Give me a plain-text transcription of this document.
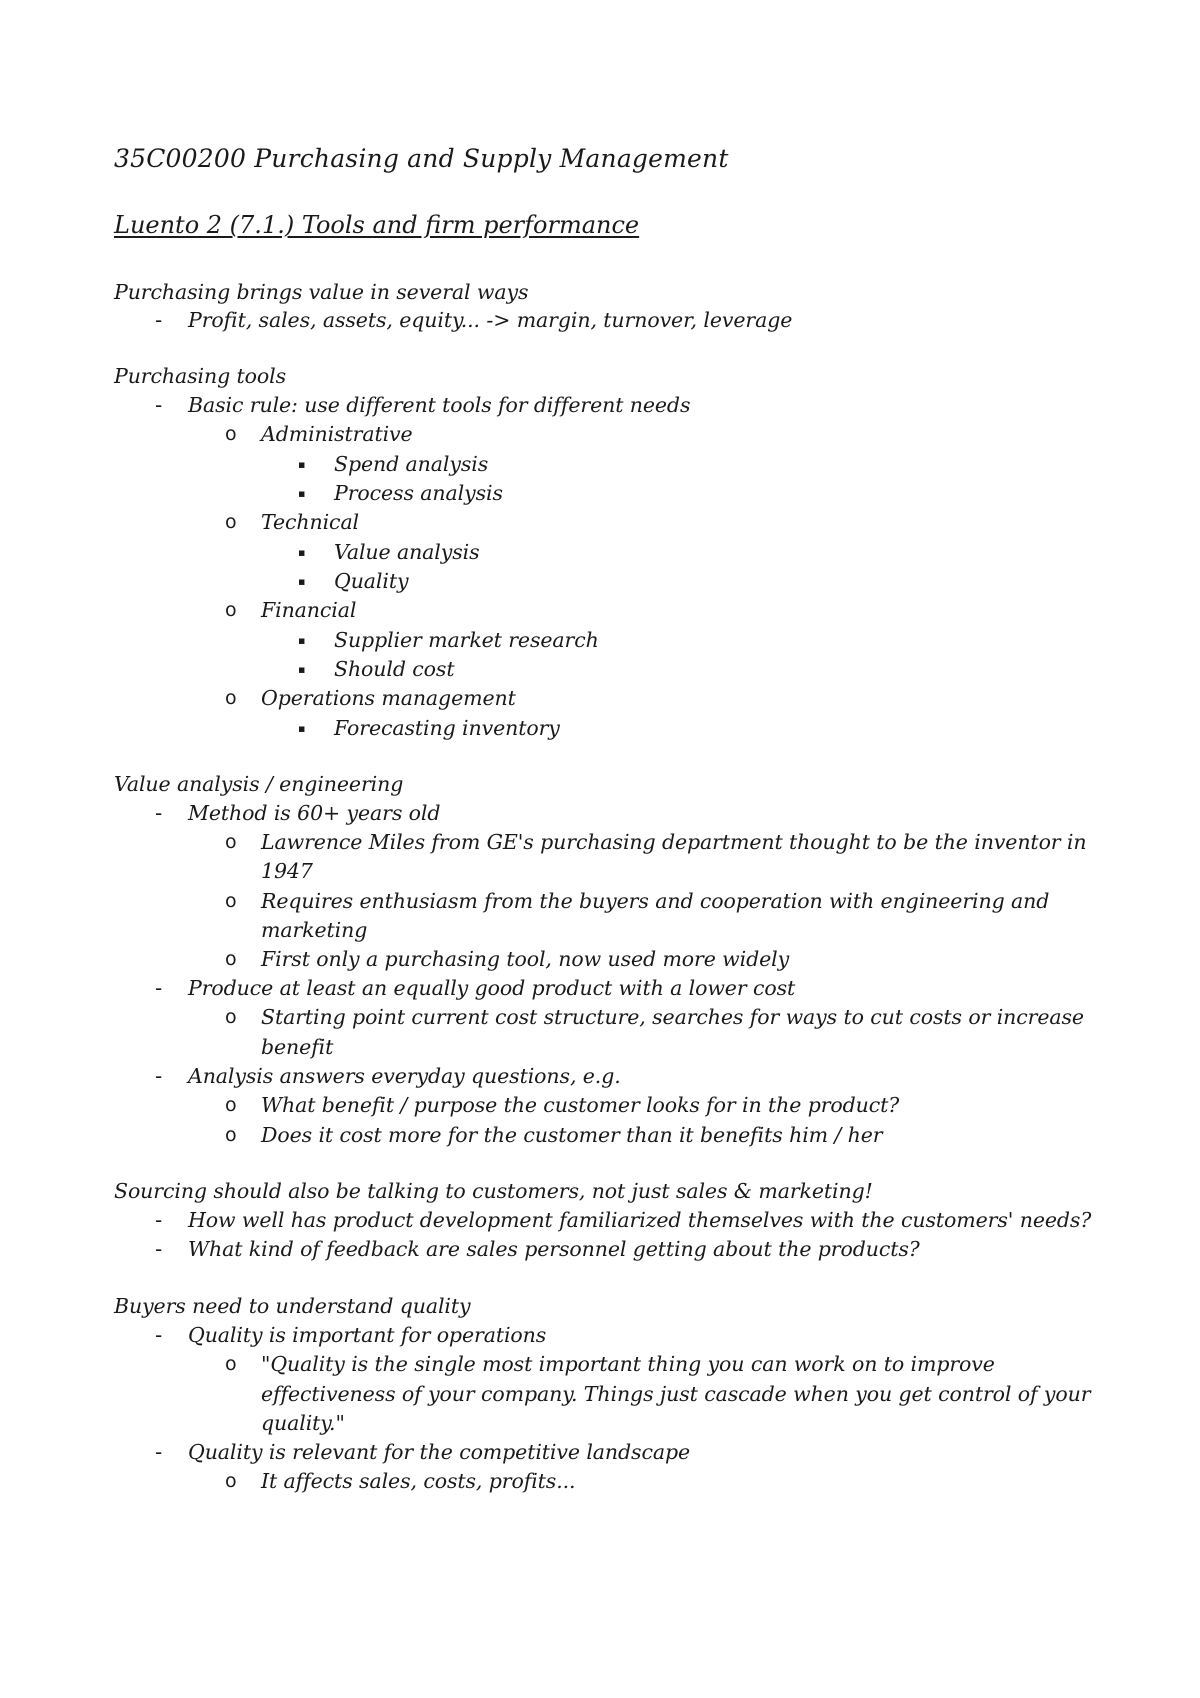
35C00200 Purchasing and Supply Management
Luento 2 (7.1.) Tools and firm performance
Purchasing brings value in several ways
- Profit, sales, assets, equity... -> margin, turnover, leverage
Purchasing tools
- Basic rule: use different tools for different needs
o Administrative
▪ Spend analysis
▪ Process analysis
o Technical
▪ Value analysis
▪ Quality
o Financial
▪ Supplier market research
▪ Should cost
o Operations management
▪ Forecasting inventory
Value analysis / engineering
- Method is 60+ years old
o Lawrence Miles from GE's purchasing department thought to be the inventor in
1947
o Requires enthusiasm from the buyers and cooperation with engineering and
marketing
o First only a purchasing tool, now used more widely
- Produce at least an equally good product with a lower cost
o Starting point current cost structure, searches for ways to cut costs or increase
benefit
- Analysis answers everyday questions, e.g.
o What benefit / purpose the customer looks for in the product?
o Does it cost more for the customer than it benefits him / her
Sourcing should also be talking to customers, not just sales & marketing!
- How well has product development familiarized themselves with the customers' needs?
- What kind of feedback are sales personnel getting about the products?
Buyers need to understand quality
- Quality is important for operations
o "Quality is the single most important thing you can work on to improve
effectiveness of your company. Things just cascade when you get control of your
quality."
- Quality is relevant for the competitive landscape
o It affects sales, costs, profits...
